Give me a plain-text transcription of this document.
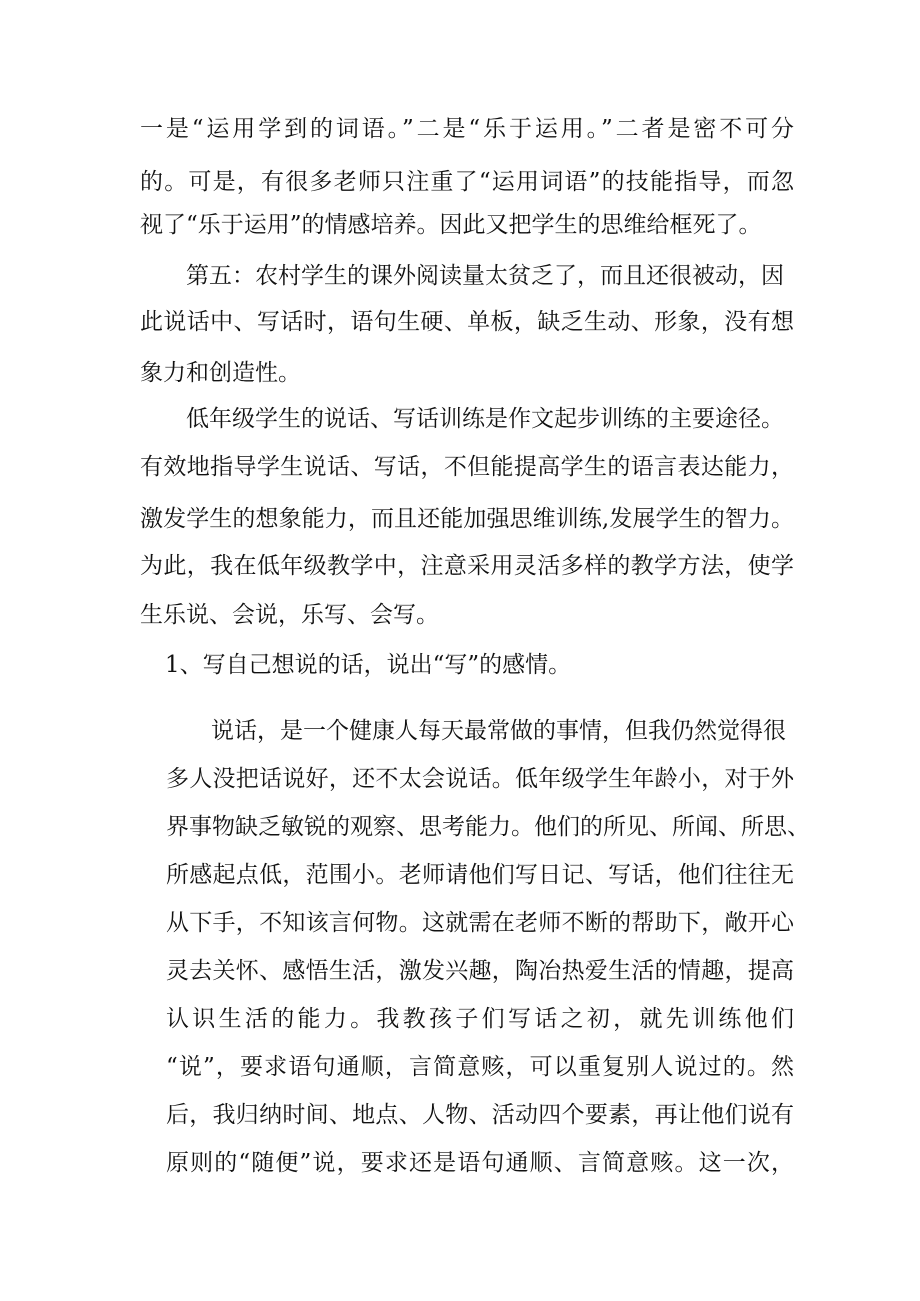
一是“运用学到的词语。”二是“乐于运用。”二者是密不可分
的。可是，有很多老师只注重了“运用词语”的技能指导，而忽
视了“乐于运用”的情感培养。因此又把学生的思维给框死了。
第五：农村学生的课外阅读量太贫乏了，而且还很被动，因
此说话中、写话时，语句生硬、单板，缺乏生动、形象，没有想
象力和创造性。
低年级学生的说话、写话训练是作文起步训练的主要途径。
有效地指导学生说话、写话，不但能提高学生的语言表达能力，
激发学生的想象能力，而且还能加强思维训练,发展学生的智力。
为此，我在低年级教学中，注意采用灵活多样的教学方法，使学
生乐说、会说，乐写、会写。
1、写自己想说的话，说出“写”的感情。
说话，是一个健康人每天最常做的事情，但我仍然觉得很
多人没把话说好，还不太会说话。低年级学生年龄小，对于外
界事物缺乏敏锐的观察、思考能力。他们的所见、所闻、所思、
所感起点低，范围小。老师请他们写日记、写话，他们往往无
从下手，不知该言何物。这就需在老师不断的帮助下，敞开心
灵去关怀、感悟生活，激发兴趣，陶冶热爱生活的情趣，提高
认识生活的能力。我教孩子们写话之初，就先训练他们
“说”，要求语句通顺，言简意赅，可以重复别人说过的。然
后，我归纳时间、地点、人物、活动四个要素，再让他们说有
原则的“随便”说，要求还是语句通顺、言简意赅。这一次，
